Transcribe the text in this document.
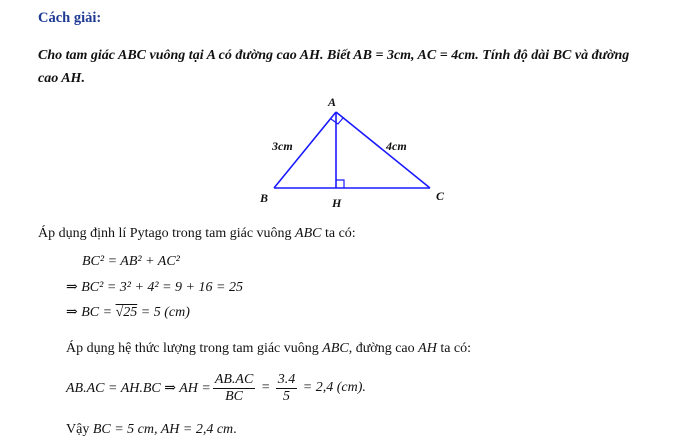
Cách giải:
Cho tam giác ABC vuông tại A có đường cao AH. Biết AB = 3cm, AC = 4cm. Tính độ dài BC và đường
cao AH.
A
B	C
H
3cm	4cm
Áp dụng định lí Pytago trong tam giác vuông ABC ta có:
BC² = AB² + AC²
⇒ BC² = 3² + 4² = 9 + 16 = 25
⇒ BC = √25 = 5 (cm)
Áp dụng hệ thức lượng trong tam giác vuông ABC, đường cao AH ta có:
AB.AC = AH.BC ⇒ AH = $\frac{AB.AC}{BC} = \frac{3.4}{5} = 2,4$ (cm).
Vậy BC = 5 cm, AH = 2,4 cm.
